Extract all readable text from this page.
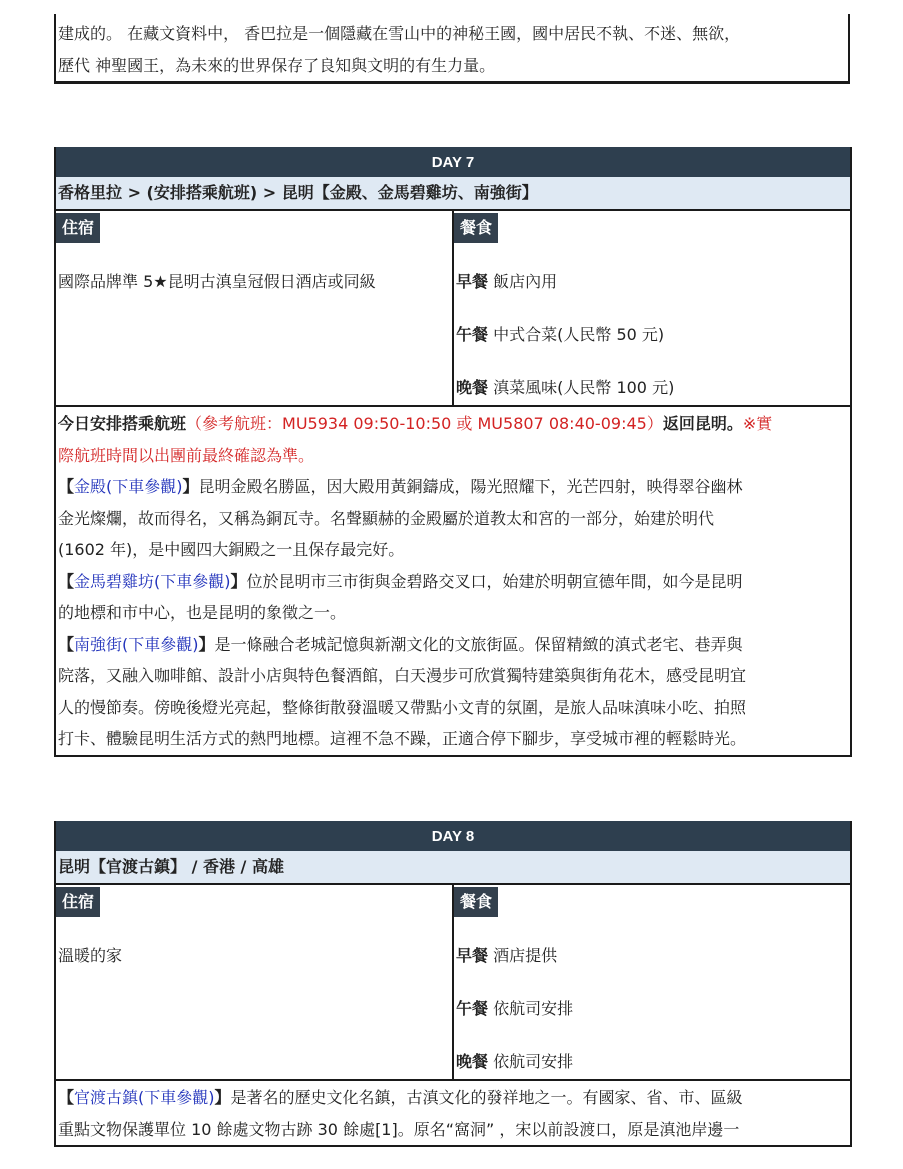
建成的。 在藏文資料中， 香巴拉是一個隱藏在雪山中的神秘王國，國中居民不執、不迷、無欲，
歷代 神聖國王，為未來的世界保存了良知與文明的有生力量。

DAY 7
香格里拉 > (安排搭乘航班) > 昆明【金殿、金馬碧雞坊、南強街】
住宿
國際品牌準 5★昆明古滇皇冠假日酒店或同級
餐食
早餐 飯店內用
午餐 中式合菜(人民幣 50 元)
晚餐 滇菜風味(人民幣 100 元)
今日安排搭乘航班（參考航班：MU5934 09:50-10:50 或 MU5807 08:40-09:45）返回昆明。※實
際航班時間以出團前最終確認為準。
【金殿(下車參觀)】昆明金殿名勝區，因大殿用黃銅鑄成，陽光照耀下，光芒四射，映得翠谷幽林
金光燦爛，故而得名，又稱為銅瓦寺。名聲顯赫的金殿屬於道教太和宮的一部分，始建於明代
(1602 年)，是中國四大銅殿之一且保存最完好。
【金馬碧雞坊(下車參觀)】位於昆明市三市街與金碧路交叉口，始建於明朝宣德年間，如今是昆明
的地標和市中心，也是昆明的象徵之一。
【南強街(下車參觀)】是一條融合老城記憶與新潮文化的文旅街區。保留精緻的滇式老宅、巷弄與
院落，又融入咖啡館、設計小店與特色餐酒館，白天漫步可欣賞獨特建築與街角花木，感受昆明宜
人的慢節奏。傍晚後燈光亮起，整條街散發溫暖又帶點小文青的氛圍，是旅人品味滇味小吃、拍照
打卡、體驗昆明生活方式的熱門地標。這裡不急不躁，正適合停下腳步，享受城市裡的輕鬆時光。
DAY 8
昆明【官渡古鎮】 / 香港 / 高雄
住宿
溫暖的家
餐食
早餐 酒店提供
午餐 依航司安排
晚餐 依航司安排
【官渡古鎮(下車參觀)】是著名的歷史文化名鎮，古滇文化的發祥地之一。有國家、省、市、區級
重點文物保護單位 10 餘處文物古跡 30 餘處[1]。原名“窩洞” ，宋以前設渡口，原是滇池岸邊一
